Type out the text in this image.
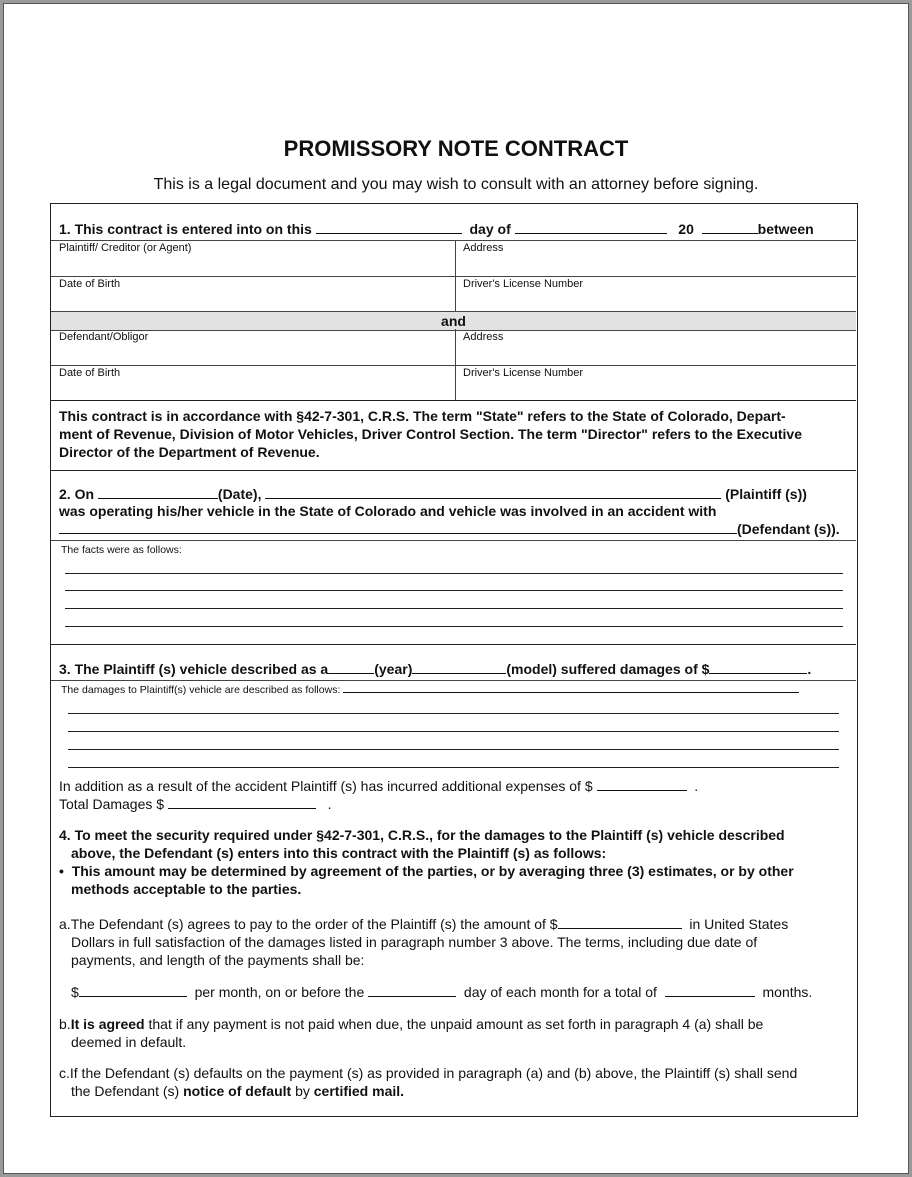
PROMISSORY NOTE CONTRACT
This is a legal document and you may wish to consult with an attorney before signing.
1. This contract is entered into on this	day of	20	between
Plaintiff/ Creditor (or Agent)	Address
Date of Birth	Driver's License Number
and
Defendant/Obligor	Address
Date of Birth	Driver's License Number
This contract is in accordance with §42-7-301, C.R.S. The term "State" refers to the State of Colorado, Depart-
ment of Revenue, Division of Motor Vehicles, Driver Control Section. The term "Director" refers to the Executive
Director of the Department of Revenue.
2. On	(Date),	(Plaintiff (s))
was operating his/her vehicle in the State of Colorado and vehicle was involved in an accident with
(Defendant (s)).
The facts were as follows:
3. The Plaintiff (s) vehicle described as a	(year)	(model) suffered damages of $	.
The damages to Plaintiff(s) vehicle are described as follows:
In addition as a result of the accident Plaintiff (s) has incurred additional expenses of $	.
Total Damages $	.
4. To meet the security required under §42-7-301, C.R.S., for the damages to the Plaintiff (s) vehicle described
above, the Defendant (s) enters into this contract with the Plaintiff (s) as follows:
•  This amount may be determined by agreement of the parties, or by averaging three (3) estimates, or by other
methods acceptable to the parties.
a.The Defendant (s) agrees to pay to the order of the Plaintiff (s) the amount of $	in United States
Dollars in full satisfaction of the damages listed in paragraph number 3 above. The terms, including due date of
payments, and length of the payments shall be:
$	per month, on or before the	day of each month for a total of	months.
b.It is agreed that if any payment is not paid when due, the unpaid amount as set forth in paragraph 4 (a) shall be
deemed in default.
c.If the Defendant (s) defaults on the payment (s) as provided in paragraph (a) and (b) above, the Plaintiff (s) shall send
the Defendant (s) notice of default by certified mail.
